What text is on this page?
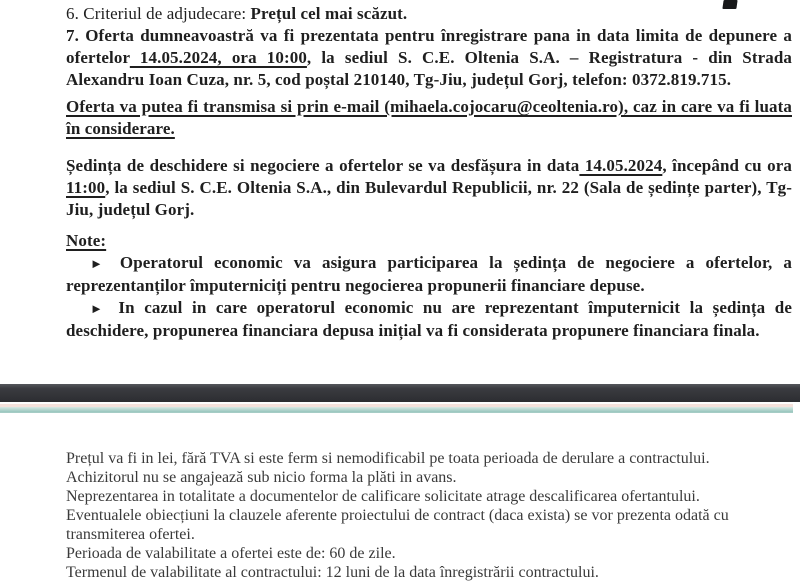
6. Criteriul de adjudecare: Prețul cel mai scăzut.

7. Oferta dumneavoastră va fi prezentata pentru înregistrare pana in data limita de depunere a ofertelor 14.05.2024, ora 10:00, la sediul S. C.E. Oltenia S.A. – Registratura - din Strada Alexandru Ioan Cuza, nr. 5, cod poștal 210140, Tg-Jiu, județul Gorj, telefon: 0372.819.715.

Oferta va putea fi transmisa si prin e-mail (mihaela.cojocaru@ceoltenia.ro), caz in care va fi luata în considerare.

Ședința de deschidere si negociere a ofertelor se va desfășura in data 14.05.2024, începând cu ora 11:00, la sediul S. C.E. Oltenia S.A., din Bulevardul Republicii, nr. 22 (Sala de ședințe parter), Tg-Jiu, județul Gorj.

Note:

► Operatorul economic va asigura participarea la ședința de negociere a ofertelor, a reprezentanților împuterniciți pentru negocierea propunerii financiare depuse.

► In cazul in care operatorul economic nu are reprezentant împuternicit la ședința de deschidere, propunerea financiara depusa inițial va fi considerata propunere financiara finala.

Prețul va fi in lei, fără TVA si este ferm si nemodificabil pe toata perioada de derulare a contractului.

Achizitorul nu se angajează sub nicio forma la plăti in avans.

Neprezentarea in totalitate a documentelor de calificare solicitate atrage descalificarea ofertantului.

Eventualele obiecțiuni la clauzele aferente proiectului de contract (daca exista) se vor prezenta odată cu transmiterea ofertei.

Perioada de valabilitate a ofertei este de: 60 de zile.

Termenul de valabilitate al contractului: 12 luni de la data înregistrării contractului.
